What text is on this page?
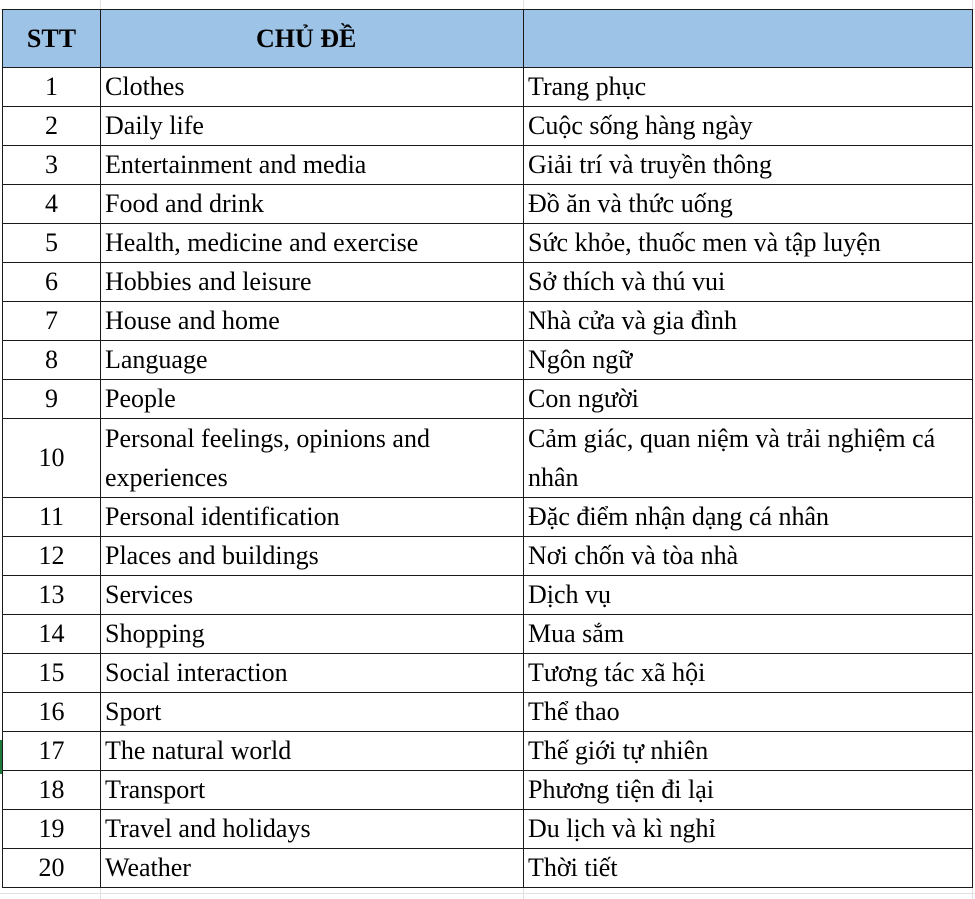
STT	CHỦ ĐỀ	
1	Clothes	Trang phục
2	Daily life	Cuộc sống hàng ngày
3	Entertainment and media	Giải trí và truyền thông
4	Food and drink	Đồ ăn và thức uống
5	Health, medicine and exercise	Sức khỏe, thuốc men và tập luyện
6	Hobbies and leisure	Sở thích và thú vui
7	House and home	Nhà cửa và gia đình
8	Language	Ngôn ngữ
9	People	Con người
10	Personal feelings, opinions and experiences	Cảm giác, quan niệm và trải nghiệm cá nhân
11	Personal identification	Đặc điểm nhận dạng cá nhân
12	Places and buildings	Nơi chốn và tòa nhà
13	Services	Dịch vụ
14	Shopping	Mua sắm
15	Social interaction	Tương tác xã hội
16	Sport	Thể thao
17	The natural world	Thế giới tự nhiên
18	Transport	Phương tiện đi lại
19	Travel and holidays	Du lịch và kì nghỉ
20	Weather	Thời tiết
